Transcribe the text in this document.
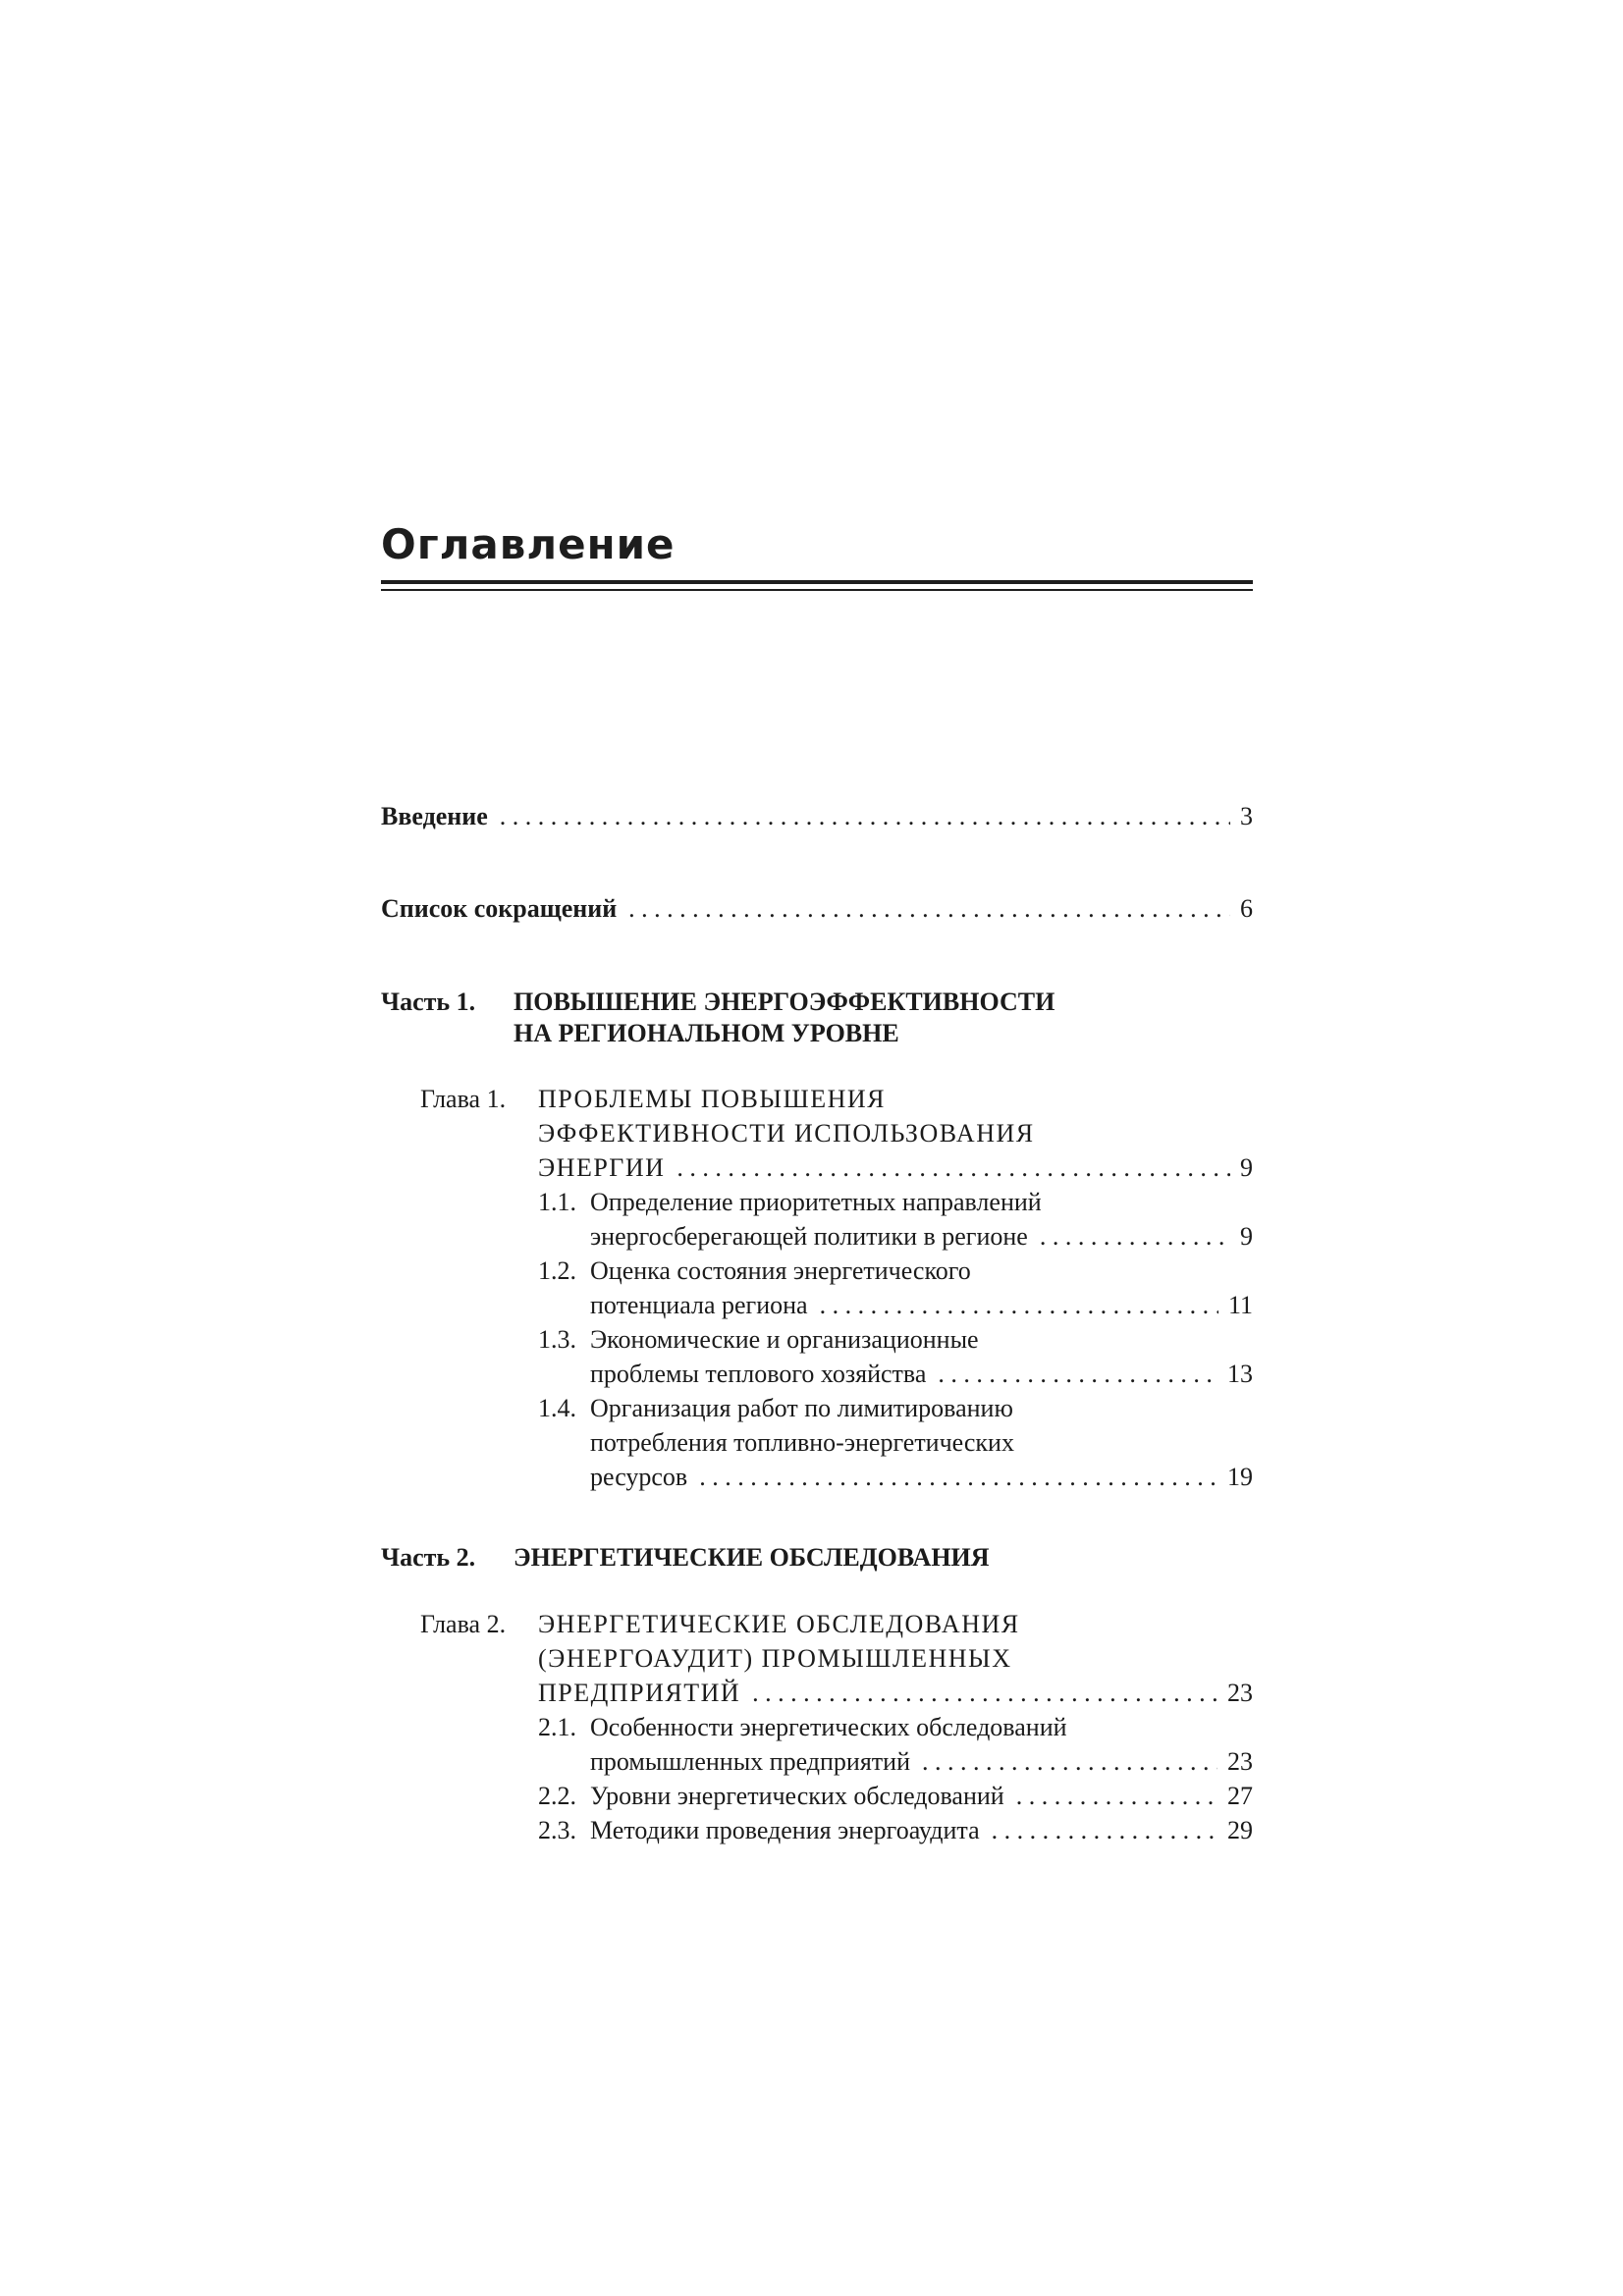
Оглавление
Введение . . .	3
Список сокращений . . .	6
Часть 1. ПОВЫШЕНИЕ ЭНЕРГОЭФФЕКТИВНОСТИ
НА РЕГИОНАЛЬНОМ УРОВНЕ
Глава 1. ПРОБЛЕМЫ ПОВЫШЕНИЯ
ЭФФЕКТИВНОСТИ ИСПОЛЬЗОВАНИЯ
ЭНЕРГИИ . . .	9
1.1. Определение приоритетных направлений
энергосберегающей политики в регионе . . .	9
1.2. Оценка состояния энергетического
потенциала региона . . .	11
1.3. Экономические и организационные
проблемы теплового хозяйства . . .	13
1.4. Организация работ по лимитированию
потребления топливно-энергетических
ресурсов . . .	19
Часть 2. ЭНЕРГЕТИЧЕСКИЕ ОБСЛЕДОВАНИЯ
Глава 2. ЭНЕРГЕТИЧЕСКИЕ ОБСЛЕДОВАНИЯ
(ЭНЕРГОАУДИТ) ПРОМЫШЛЕННЫХ
ПРЕДПРИЯТИЙ . . .	23
2.1. Особенности энергетических обследований
промышленных предприятий . . .	23
2.2. Уровни энергетических обследований . . .	27
2.3. Методики проведения энергоаудита . . .	29
